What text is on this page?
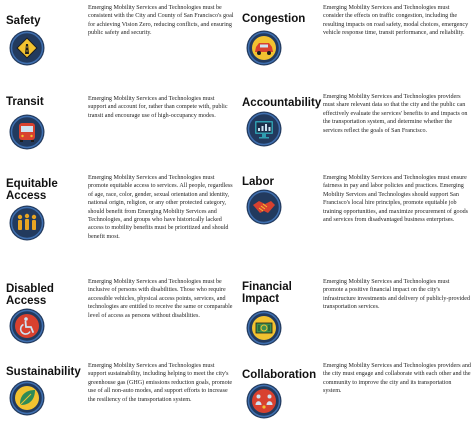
Safety
Emerging Mobility Services and Technologies must be consistent with the City and County of San Francisco's goal for achieving Vision Zero, reducing conflicts, and ensuring public safety and security.
Transit	Emerging Mobility Services and Technologies must support and account for, rather than compete with, public transit and encourage use of high-occupancy modes.
Equitable Access
Emerging Mobility Services and Technologies must promote equitable access to services. All people, regardless of age, race, color, gender, sexual orientation and identity, national origin, religion, or any other protected category, should benefit from Emerging Mobility Services and Technologies, and groups who have historically lacked access to mobility benefits must be prioritized and should benefit most.
Disabled Access
Emerging Mobility Services and Technologies must be inclusive of persons with disabilities. Those who require accessible vehicles, physical access points, services, and technologies are entitled to receive the same or comparable level of access as persons without disabilities.
Sustainability	Emerging Mobility Services and Technologies must support sustainability, including helping to meet the city's greenhouse gas (GHG) emissions reduction goals, promote use of all non-auto modes, and support efforts to increase the resiliency of the transportation system.
Congestion
Emerging Mobility Services and Technologies must consider the effects on traffic congestion, including the resulting impacts on road safety, modal choices, emergency vehicle response time, transit performance, and reliability.
Accountability Emerging Mobility Services and Technologies providers must share relevant data so that the city and the public can effectively evaluate the services' benefits to and impacts on the transportation system, and determine whether the services reflect the goals of San Francisco.
Labor	Emerging Mobility Services and Technologies must ensure fairness in pay and labor policies and practices. Emerging Mobility Services and Technologies should support San Francisco's local hire principles, promote equitable job training opportunities, and maximize procurement of goods and services from disadvantaged business enterprises.
Financial Impact
Emerging Mobility Services and Technologies must promote a positive financial impact on the city's infrastructure investments and delivery of publicly-provided transportation services.
Collaboration
Emerging Mobility Services and Technologies providers and the city must engage and collaborate with each other and the community to improve the city and its transportation system.
